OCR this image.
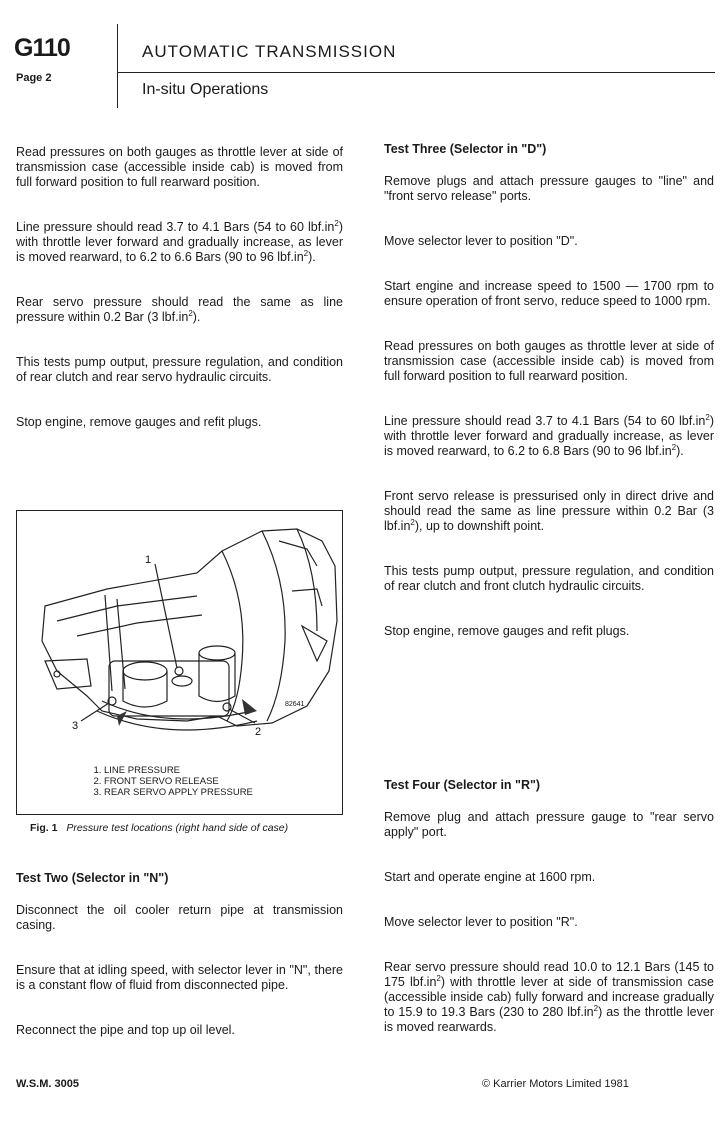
G110
Page 2
AUTOMATIC TRANSMISSION
In-situ Operations

Read pressures on both gauges as throttle lever at side of transmission case (accessible inside cab) is moved from full forward position to full rearward position.

Line pressure should read 3.7 to 4.1 Bars (54 to 60 $lbf.in^2$) with throttle lever forward and gradually increase, as lever is moved rearward, to 6.2 to 6.6 Bars (90 to 96 $lbf.in^2$).

Rear servo pressure should read the same as line pressure within 0.2 Bar (3 $lbf.in^2$).

This tests pump output, pressure regulation, and condition of rear clutch and rear servo hydraulic circuits.

Stop engine, remove gauges and refit plugs.

1
2
3
82641
1. LINE PRESSURE
2. FRONT SERVO RELEASE
3. REAR SERVO APPLY PRESSURE
Fig. 1 Pressure test locations (right hand side of case)
Test Two (Selector in "N")

Disconnect the oil cooler return pipe at transmission casing.

Ensure that at idling speed, with selector lever in "N", there is a constant flow of fluid from disconnected pipe.

Reconnect the pipe and top up oil level.

Test Three (Selector in "D")

Remove plugs and attach pressure gauges to "line" and "front servo release" ports.

Move selector lever to position "D".

Start engine and increase speed to 1500 — 1700 rpm to ensure operation of front servo, reduce speed to 1000 rpm.

Read pressures on both gauges as throttle lever at side of transmission case (accessible inside cab) is moved from full forward position to full rearward position.

Line pressure should read 3.7 to 4.1 Bars (54 to 60 $lbf.in^2$) with throttle lever forward and gradually increase, as lever is moved rearward, to 6.2 to 6.8 Bars (90 to 96 $lbf.in^2$).

Front servo release is pressurised only in direct drive and should read the same as line pressure within 0.2 Bar (3 $lbf.in^2$), up to downshift point.

This tests pump output, pressure regulation, and condition of rear clutch and front clutch hydraulic circuits.

Stop engine, remove gauges and refit plugs.

Test Four (Selector in "R")

Remove plug and attach pressure gauge to "rear servo apply" port.

Start and operate engine at 1600 rpm.

Move selector lever to position "R".

Rear servo pressure should read 10.0 to 12.1 Bars (145 to 175 $lbf.in^2$) with throttle lever at side of transmission case (accessible inside cab) fully forward and increase gradually to 15.9 to 19.3 Bars (230 to 280 $lbf.in^2$) as the throttle lever is moved rearwards.

W.S.M. 3005	© Karrier Motors Limited 1981
